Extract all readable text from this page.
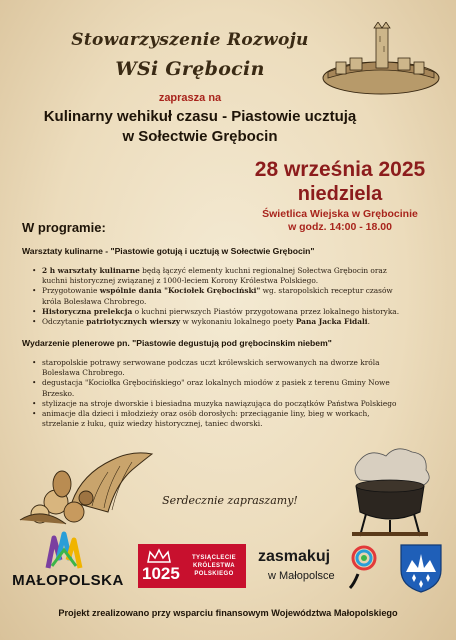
Stowarzyszenie Rozwoju
WSi Grębocin
zaprasza na
Kulinarny wehikuł czasu - Piastowie ucztują
w Sołectwie Grębocin
28 września 2025
niedziela
Świetlica Wiejska w Grębocinie
w godz. 14:00 - 18.00
W programie:
Warsztaty kulinarne - "Piastowie gotują i ucztują w Sołectwie Grębocin"
• 2 h warsztaty kulinarne będą łączyć elementy kuchni regionalnej Sołectwa Grębocin oraz kuchni historycznej związanej z 1000-leciem Korony Królestwa Polskiego.
• Przygotowanie wspólnie dania "Kociołek Grębociński" wg. staropolskich receptur czasów króla Bolesława Chrobrego.
• Historyczna prelekcja o kuchni pierwszych Piastów przygotowana przez lokalnego historyka.
• Odczytanie patriotycznych wierszy w wykonaniu lokalnego poety Pana Jacka Fidali.
Wydarzenie plenerowe pn. "Piastowie degustują pod grębocinskim niebem"
• staropolskie potrawy serwowane podczas uczt królewskich serwowanych na dworze króla Bolesława Chrobrego.
• degustacja "Kociołka Grębocińskiego" oraz lokalnych miodów z pasiek z terenu Gminy Nowe Brzesko.
• stylizacje na stroje dworskie i biesiadna muzyka nawiązująca do początków Państwa Polskiego
• animacje dla dzieci i młodzieży oraz osób dorosłych: przeciąganie liny, bieg w workach, strzelanie z łuku, quiz wiedzy historycznej, taniec dworski.
Serdecznie zapraszamy!
MAŁOPOLSKA 1025
TYSIĄCLECIE
KRÓLESTWA
POLSKIEGO
zasmakuj
w Małopolsce
Projekt zrealizowano przy wsparciu finansowym Województwa Małopolskiego
